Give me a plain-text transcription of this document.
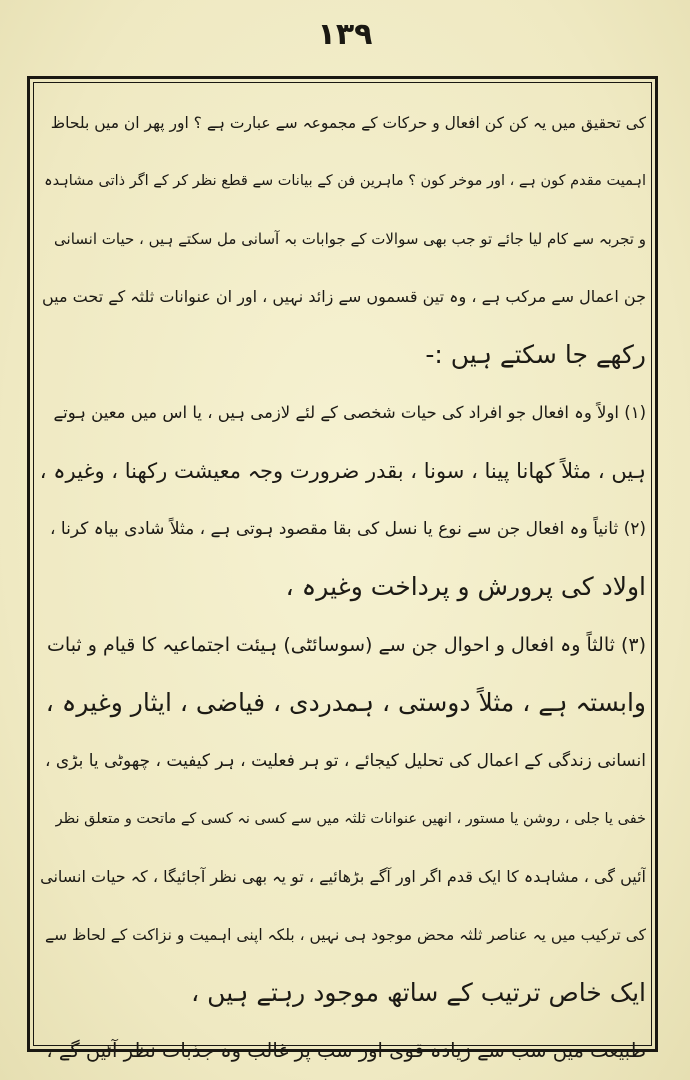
۱۳۹
کی تحقیق میں یہ کن کن افعال و حرکات کے مجموعہ سے عبارت ہے ؟ اور پھر ان میں بلحاظ
اہمیت مقدم کون ہے ، اور موخر کون ؟ ماہرین فن کے بیانات سے قطع نظر کر کے اگر ذاتی مشاہدہ
و تجربہ سے کام لیا جائے تو جب بھی سوالات کے جوابات بہ آسانی مل سکتے ہیں ، حیات انسانی
جن اعمال سے مرکب ہے ، وہ تین قسموں سے زائد نہیں ، اور ان عنوانات ثلثہ کے تحت میں
رکھے جا سکتے ہیں :-
(۱) اولاً وہ افعال جو افراد کی حیات شخصی کے لئے لازمی ہیں ، یا اس میں معین ہوتے
ہیں ، مثلاً کھانا پینا ، سونا ، بقدر ضرورت وجہ معیشت رکھنا ، وغیرہ ،
(۲) ثانیاً وہ افعال جن سے نوع یا نسل کی بقا مقصود ہوتی ہے ، مثلاً شادی بیاہ کرنا ،
اولاد کی پرورش و پرداخت وغیرہ ،
(۳) ثالثاً وہ افعال و احوال جن سے (سوسائٹی) ہیئت اجتماعیہ کا قیام و ثبات
وابستہ ہے ، مثلاً دوستی ، ہمدردی ، فیاضی ، ایثار وغیرہ ،
انسانی زندگی کے اعمال کی تحلیل کیجائے ، تو ہر فعلیت ، ہر کیفیت ، چھوٹی یا بڑی ،
خفی یا جلی ، روشن یا مستور ، انھیں عنوانات ثلثہ میں سے کسی نہ کسی کے ماتحت و متعلق نظر
آئیں گی ، مشاہدہ کا ایک قدم اگر اور آگے بڑھائیے ، تو یہ بھی نظر آجائیگا ، کہ حیات انسانی
کی ترکیب میں یہ عناصر ثلثہ محض موجود ہی نہیں ، بلکہ اپنی اہمیت و نزاکت کے لحاظ سے
ایک خاص ترتیب کے ساتھ موجود رہتے ہیں ،
طبیعت میں سب سے زیادہ قوی اور سب پر غالب وہ جذبات نظر آئیں گے ،
